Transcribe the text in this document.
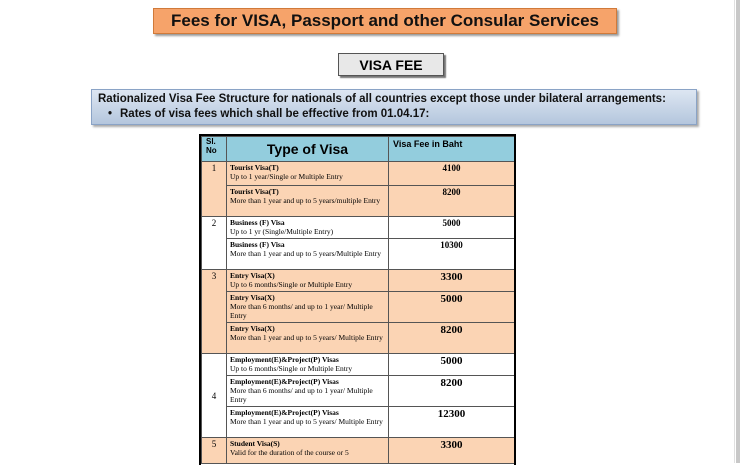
Fees for VISA, Passport and other Consular Services
VISA FEE
Rationalized Visa Fee Structure for nationals of all countries except those under bilateral arrangements:
• Rates of visa fees which shall be effective from 01.04.17:
Sl. No	Type of Visa	Visa Fee in Baht
1	Tourist Visa(T)
Up to 1 year/Single or Multiple Entry	4100
	Tourist Visa(T)
More than 1 year and up to 5 years/multiple Entry	8200
2	Business (F) Visa
Up to 1 yr (Single/Multiple Entry)	5000
	Business (F) Visa
More than 1 year and up to 5 years/Multiple Entry	10300
3	Entry Visa(X)
Up to 6 months/Single or Multiple Entry	3300
	Entry Visa(X)
More than 6 months/ and up to 1 year/ Multiple Entry	5000
	Entry Visa(X)
More than 1 year and up to 5 years/ Multiple Entry	8200
4	Employment(E)&Project(P) Visas
Up to 6 months/Single or Multiple Entry	5000
	Employment(E)&Project(P) Visas
More than 6 months/ and up to 1 year/ Multiple Entry	8200
	Employment(E)&Project(P) Visas
More than 1 year and up to 5 years/ Multiple Entry	12300
5	Student Visa(S)
Valid for the duration of the course or 5	3300
